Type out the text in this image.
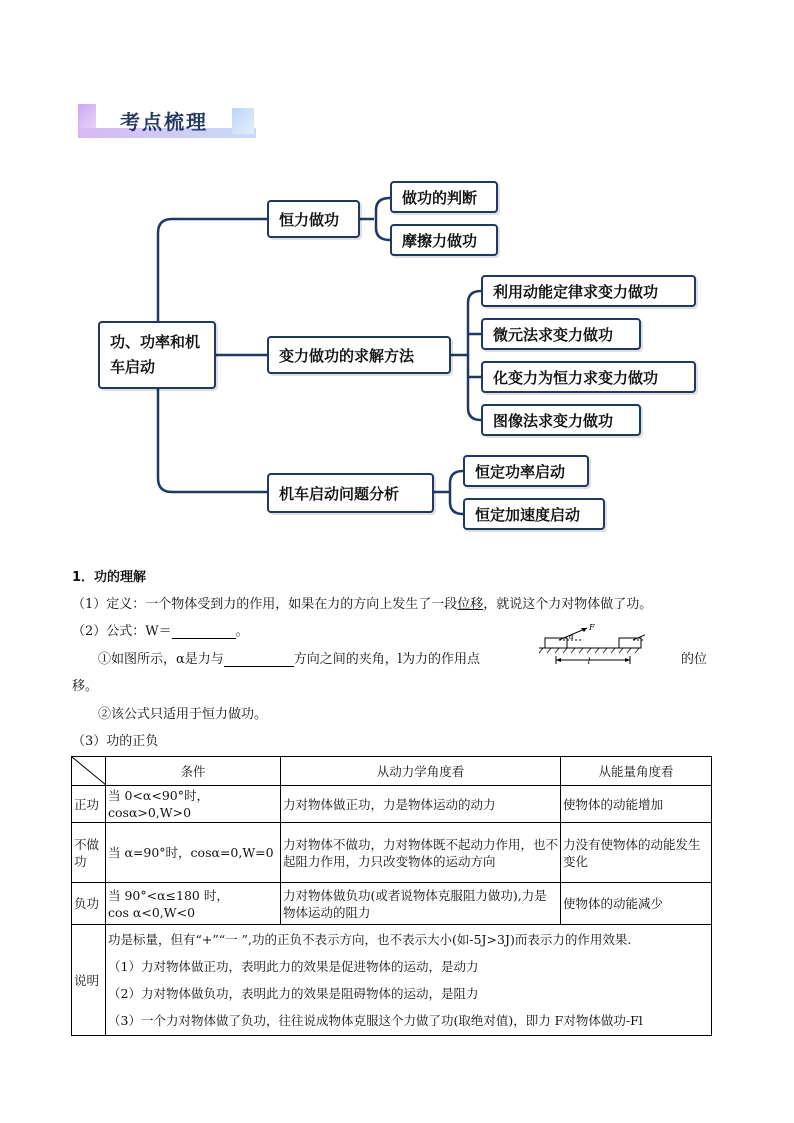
考点梳理
功、功率和机车启动
恒力做功
做功的判断
摩擦力做功
变力做功的求解方法
利用动能定律求变力做功
微元法求变力做功
化变力为恒力求变力做功
图像法求变力做功
机车启动问题分析
恒定功率启动
恒定加速度启动
1．功的理解
（1）定义：一个物体受到力的作用，如果在力的方向上发生了一段位移，就说这个力对物体做了功。
（2）公式：W＝	。
①如图所示，α是力与	方向之间的夹角，l为力的作用点	的位
移。
F
α
l
②该公式只适用于恒力做功。
（3）功的正负
	条件	从动力学角度看	从能量角度看
正功	当 0<α<90°时，cosα>0,W>0	力对物体做正功，力是物体运动的动力	使物体的动能增加
不做功	当 α=90°时，cosα=0,W=0	力对物体不做功，力对物体既不起动力作用，也不起阻力作用，力只改变物体的运动方向	力没有使物体的动能发生变化
负功	当 90°<α≤180 时，
cos α<0,W<0	力对物体做负功(或者说物体克服阻力做功),力是物体运动的阻力	使物体的动能减少
说明	功是标量，但有“+”“一 ”,功的正负不表示方向，也不表示大小(如-5J>3J)而表示力的作用效果.
（1）力对物体做正功，表明此力的效果是促进物体的运动，是动力
（2）力对物体做负功，表明此力的效果是阻碍物体的运动，是阻力
（3）一个力对物体做了负功，往往说成物体克服这个力做了功(取绝对值)，即力 F对物体做功-Fl		
